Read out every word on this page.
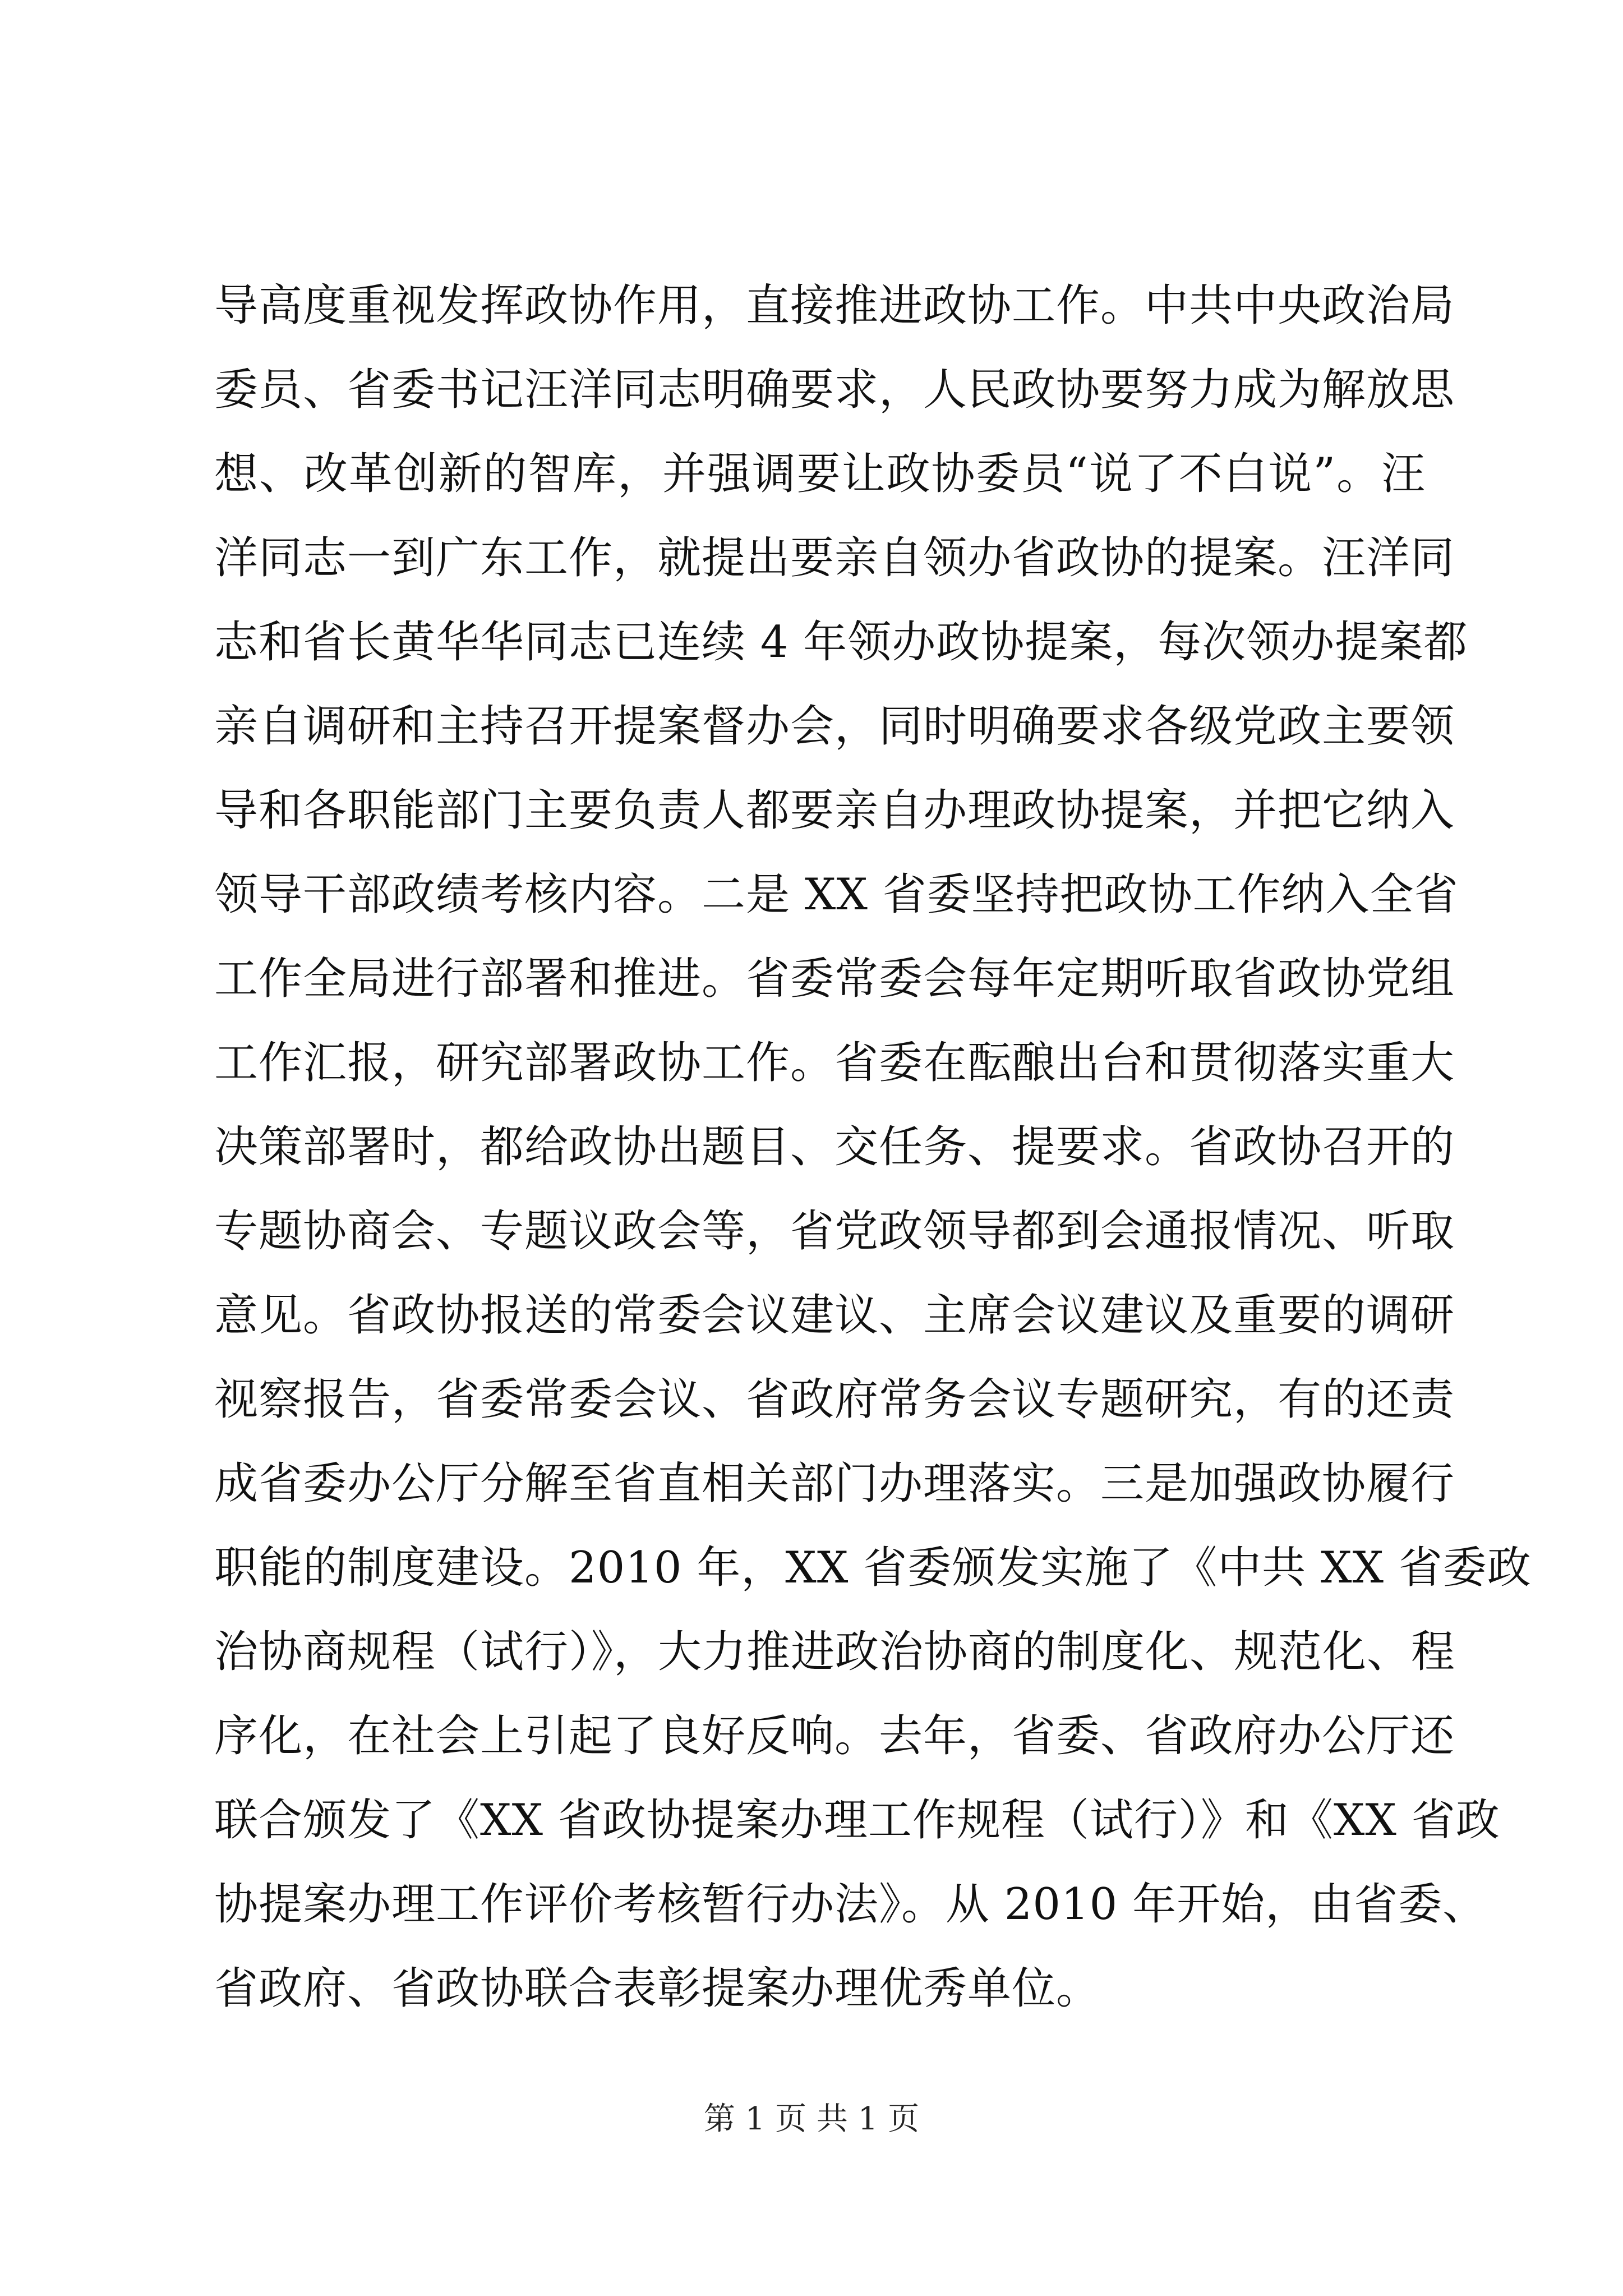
导高度重视发挥政协作用，直接推进政协工作。中共中央政治局
委员、省委书记汪洋同志明确要求，人民政协要努力成为解放思
想、改革创新的智库，并强调要让政协委员“说了不白说”。汪
洋同志一到广东工作，就提出要亲自领办省政协的提案。汪洋同
志和省长黄华华同志已连续 4 年领办政协提案，每次领办提案都
亲自调研和主持召开提案督办会，同时明确要求各级党政主要领
导和各职能部门主要负责人都要亲自办理政协提案，并把它纳入
领导干部政绩考核内容。二是 XX 省委坚持把政协工作纳入全省
工作全局进行部署和推进。省委常委会每年定期听取省政协党组
工作汇报，研究部署政协工作。省委在酝酿出台和贯彻落实重大
决策部署时，都给政协出题目、交任务、提要求。省政协召开的
专题协商会、专题议政会等，省党政领导都到会通报情况、听取
意见。省政协报送的常委会议建议、主席会议建议及重要的调研
视察报告，省委常委会议、省政府常务会议专题研究，有的还责
成省委办公厅分解至省直相关部门办理落实。三是加强政协履行
职能的制度建设。2010 年，XX 省委颁发实施了《中共 XX 省委政
治协商规程（试行）》，大力推进政治协商的制度化、规范化、程
序化，在社会上引起了良好反响。去年，省委、省政府办公厅还
联合颁发了《XX 省政协提案办理工作规程（试行）》和《XX 省政
协提案办理工作评价考核暂行办法》。从 2010 年开始，由省委、
省政府、省政协联合表彰提案办理优秀单位。
第 1 页 共 1 页
